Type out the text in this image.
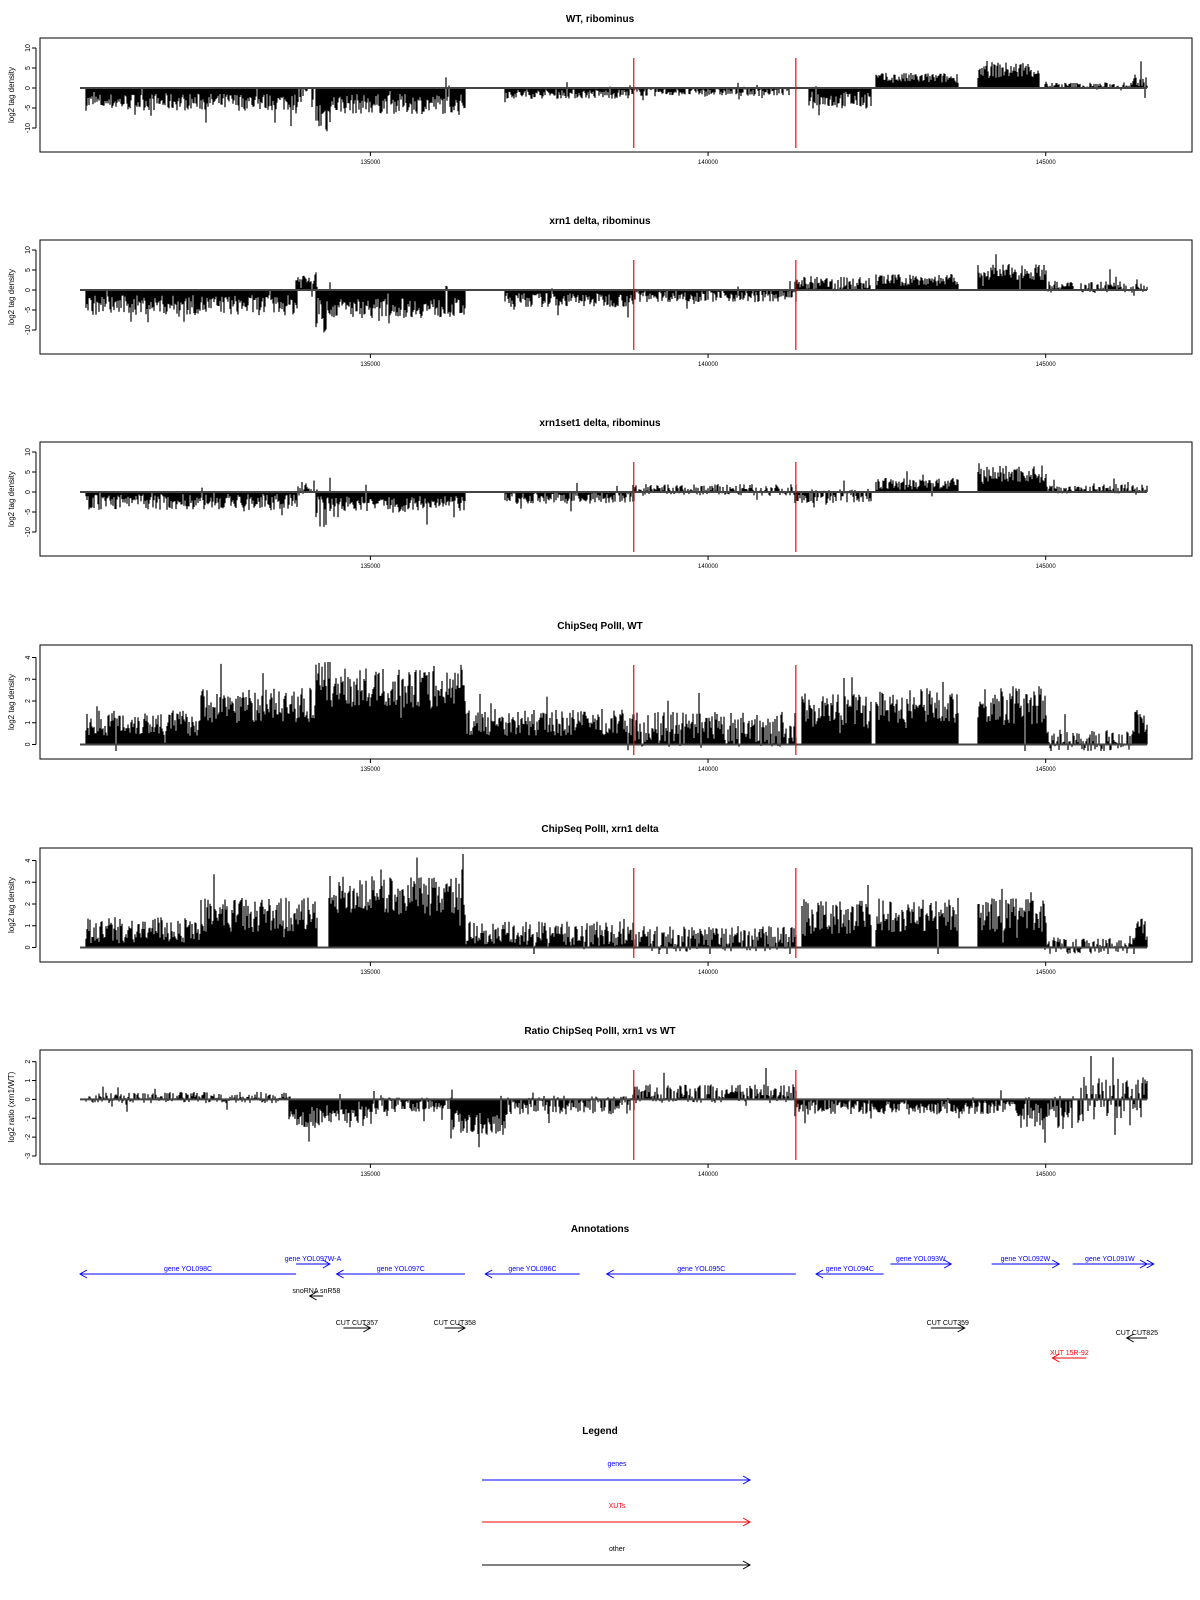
WT, ribominus
log2 tag density
-10
-5
0
5
10
135000	140000	145000
xrn1 delta, ribominus
log2 tag density
-10
-5
0
5
10
135000	140000	145000
xrn1set1 delta, ribominus
log2 tag density
-10
-5
0
5
10
135000	140000	145000
ChipSeq PolII, WT
log2 tag density
0
1
2
3
4
135000	140000	145000
ChipSeq PolII, xrn1 delta
log2 tag density
0
1
2
3
4
135000	140000	145000
Ratio ChipSeq PolII, xrn1 vs WT
log2 ratio (xrn1/WT)
-3
-2
-1
0
1
2
135000	140000	145000
Annotations
gene YOL098C
gene YOL097W-A
gene YOL097C	gene YOL096C	gene YOL095C	gene YOL094C
gene YOL093W	gene YOL092W	gene YOL091W
snoRNA snR58
CUT CUT357	CUT CUT358	CUT CUT359
CUT CUT825
XUT 15R-92
Legend
genes
XUTs
other
